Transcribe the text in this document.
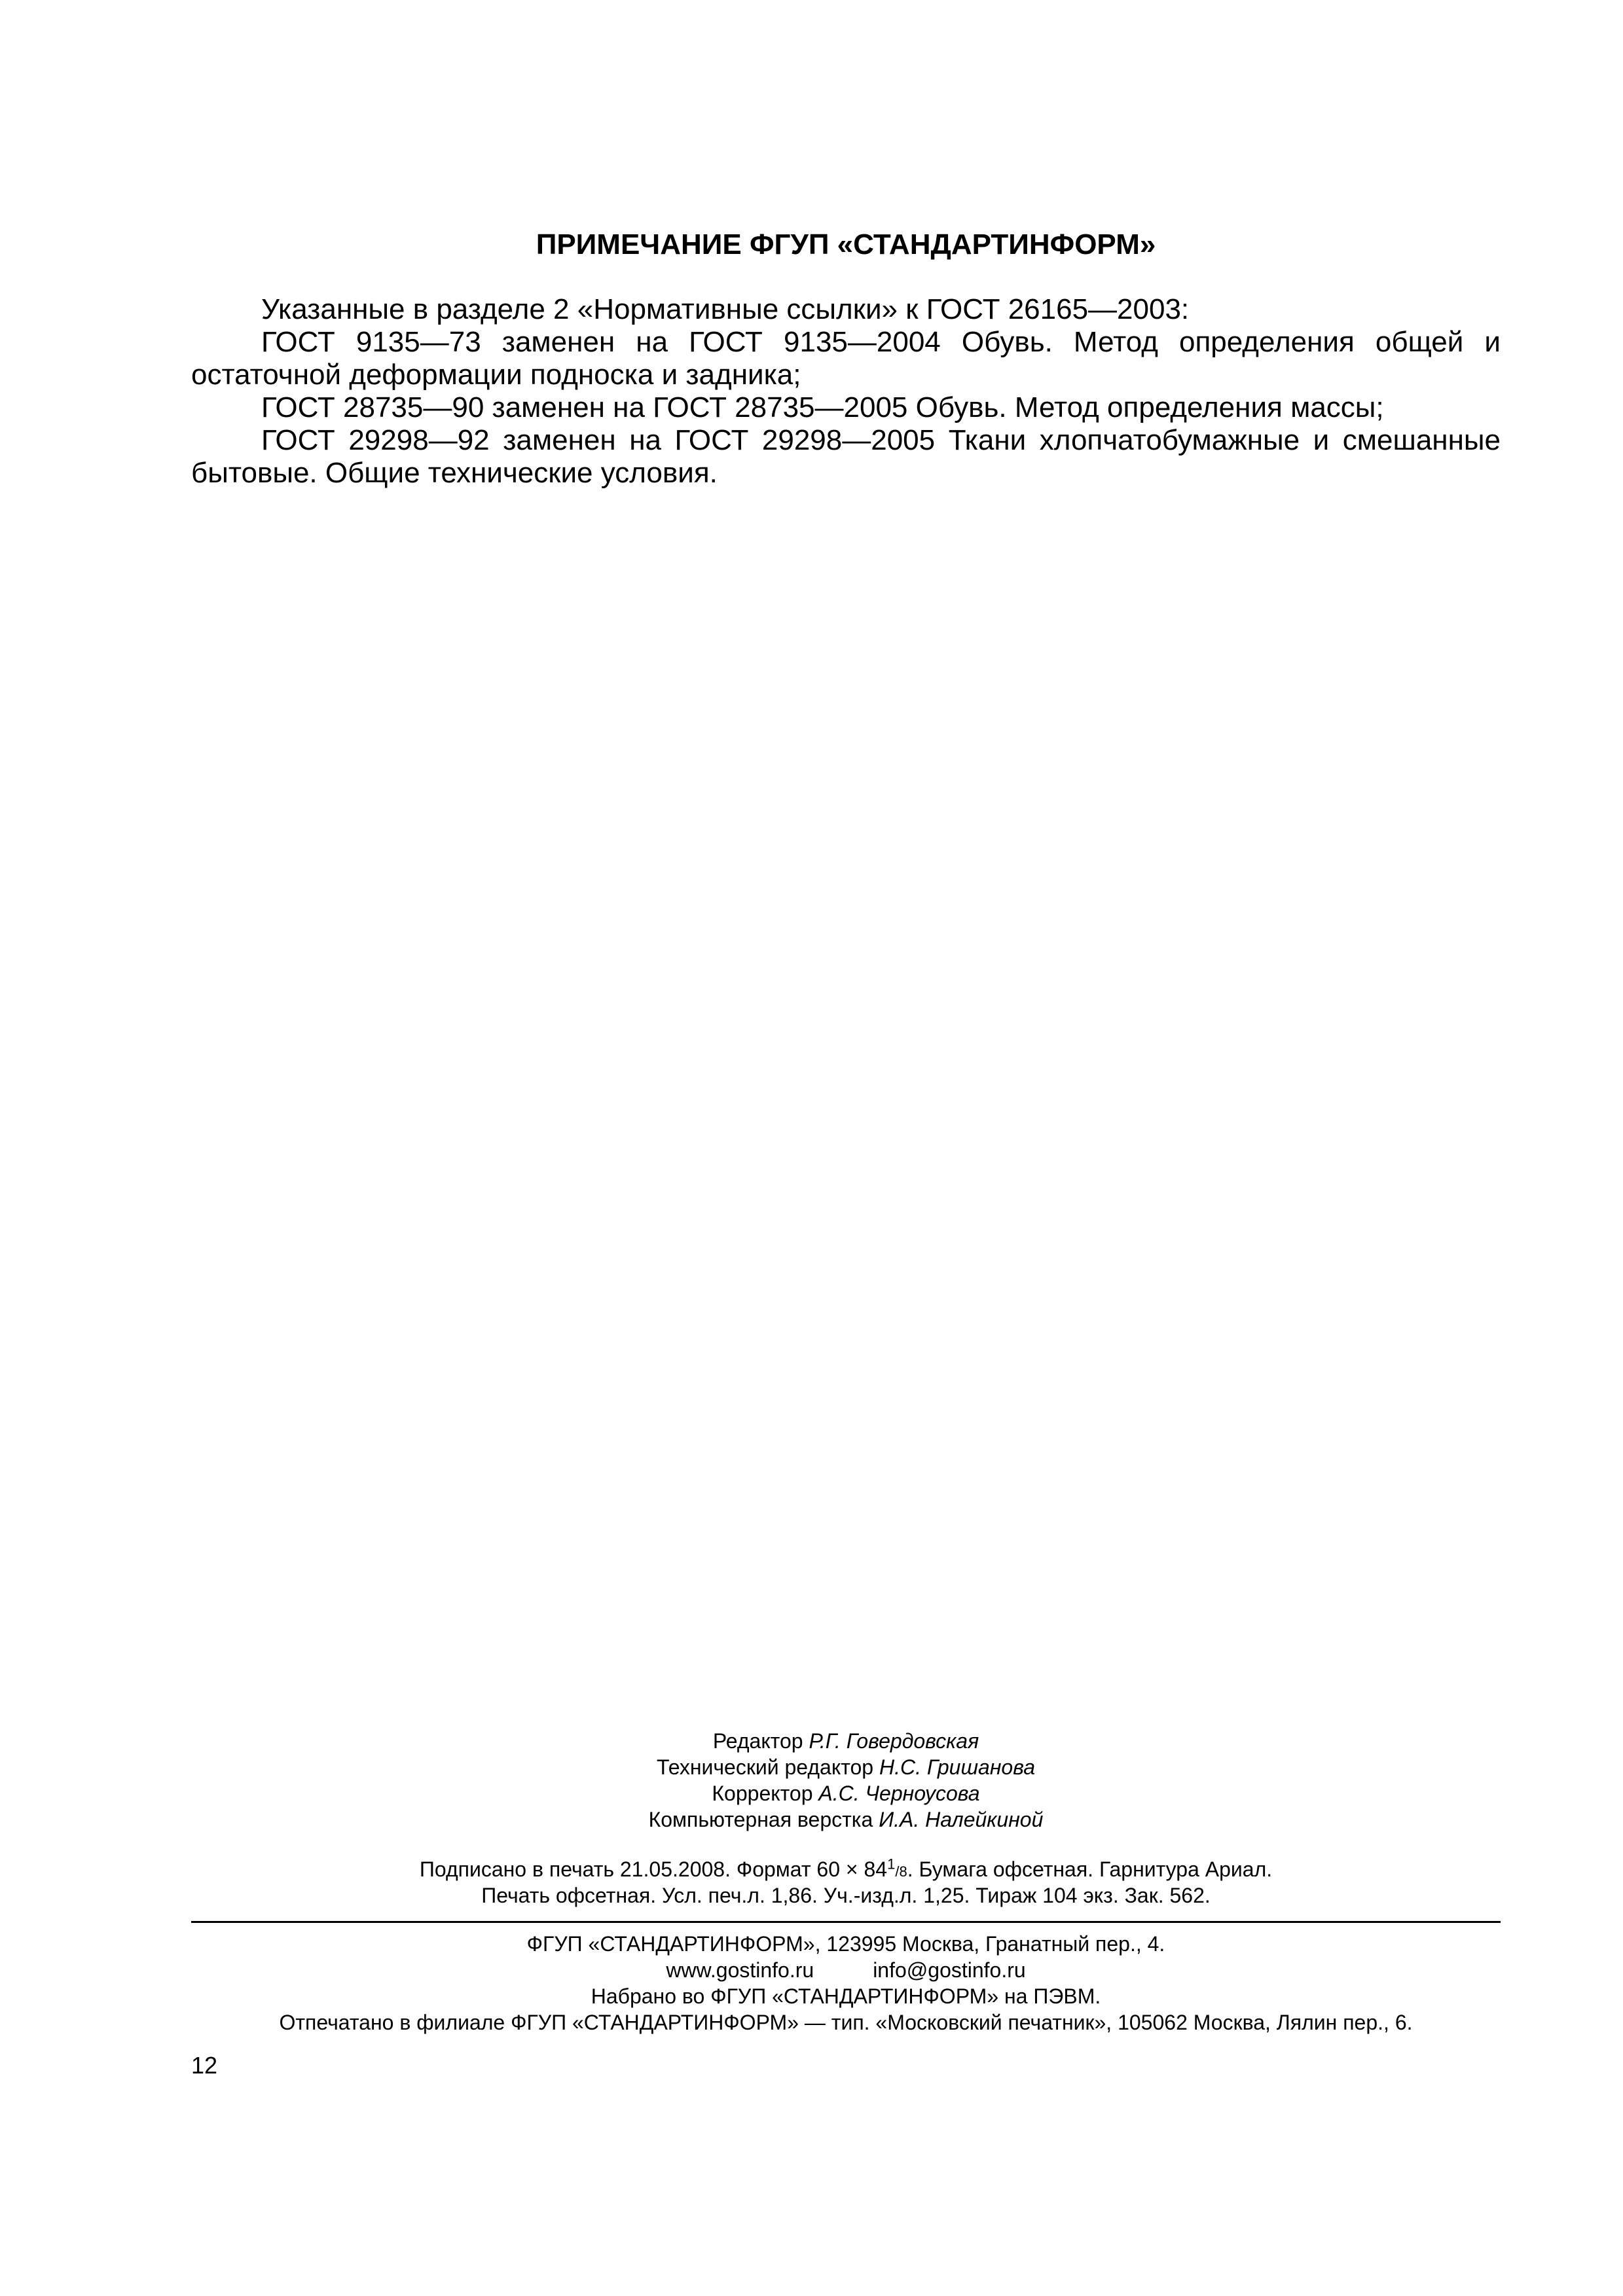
ПРИМЕЧАНИЕ ФГУП «СТАНДАРТИНФОРМ»

Указанные в разделе 2 «Нормативные ссылки» к ГОСТ 26165—2003:

ГОСТ 9135—73 заменен на ГОСТ 9135—2004 Обувь. Метод определения общей и остаточной деформации подноска и задника;

ГОСТ 28735—90 заменен на ГОСТ 28735—2005 Обувь. Метод определения массы;

ГОСТ 29298—92 заменен на ГОСТ 29298—2005 Ткани хлопчатобумажные и смешанные бытовые. Общие технические условия.

Редактор Р.Г. Говердовская
Технический редактор Н.С. Гришанова
Корректор А.С. Черноусова
Компьютерная верстка И.А. Налейкиной
Подписано в печать 21.05.2008. Формат $60 \times 84^1/8$. Бумага офсетная. Гарнитура Ариал.
Печать офсетная. Усл. печ.л. 1,86. Уч.-изд.л. 1,25. Тираж 104 экз. Зак. 562.
ФГУП «СТАНДАРТИНФОРМ», 123995 Москва, Гранатный пер., 4.
www.gostinfo.ru	info@gostinfo.ru
Набрано во ФГУП «СТАНДАРТИНФОРМ» на ПЭВМ.
Отпечатано в филиале ФГУП «СТАНДАРТИНФОРМ» — тип. «Московский печатник», 105062 Москва, Лялин пер., 6.
12
